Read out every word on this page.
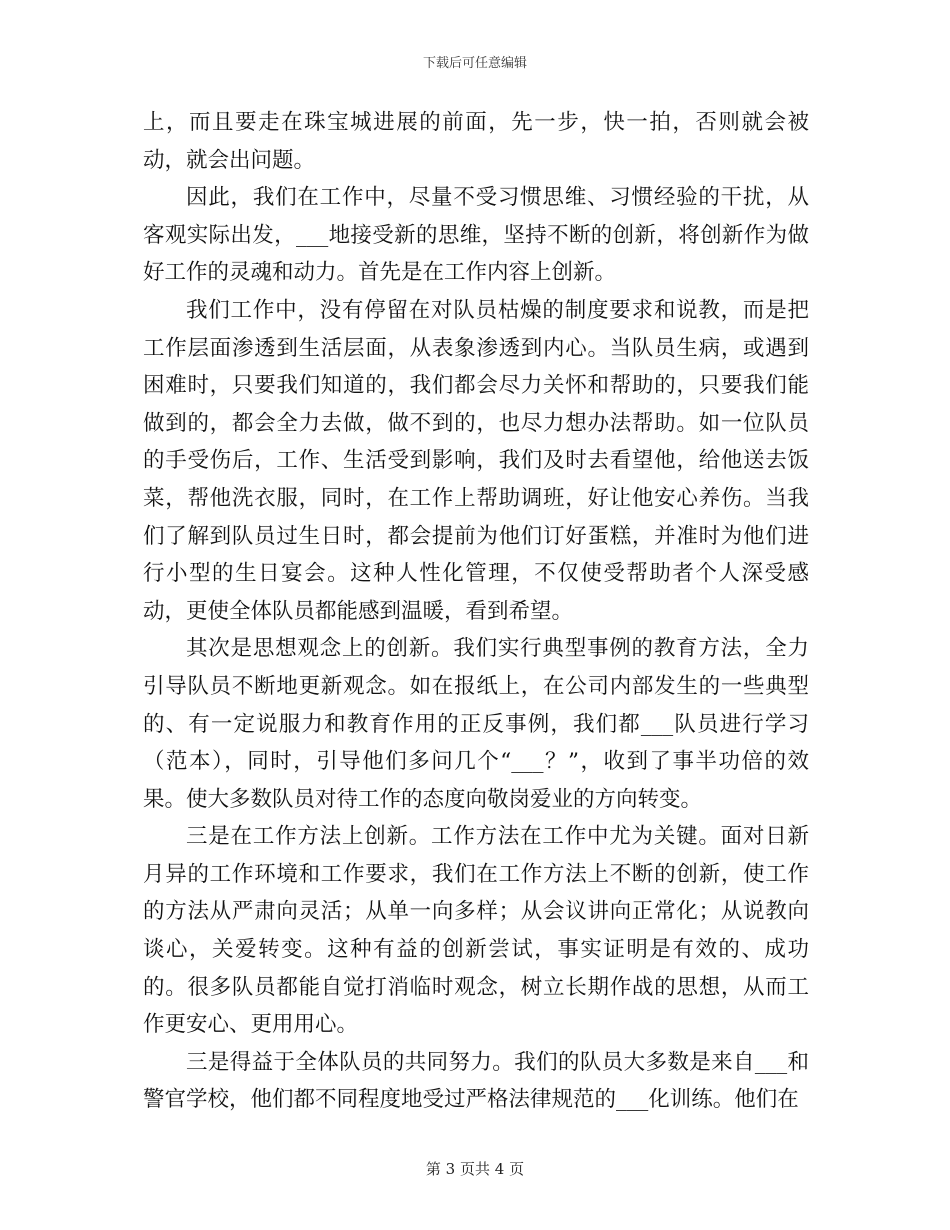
下载后可任意编辑

上，而且要走在珠宝城进展的前面，先一步，快一拍，否则就会被动，就会出问题。

因此，我们在工作中，尽量不受习惯思维、习惯经验的干扰，从客观实际出发，___地接受新的思维，坚持不断的创新，将创新作为做好工作的灵魂和动力。首先是在工作内容上创新。

我们工作中，没有停留在对队员枯燥的制度要求和说教，而是把工作层面渗透到生活层面，从表象渗透到内心。当队员生病，或遇到困难时，只要我们知道的，我们都会尽力关怀和帮助的，只要我们能做到的，都会全力去做，做不到的，也尽力想办法帮助。如一位队员的手受伤后，工作、生活受到影响，我们及时去看望他，给他送去饭菜，帮他洗衣服，同时，在工作上帮助调班，好让他安心养伤。当我们了解到队员过生日时，都会提前为他们订好蛋糕，并准时为他们进行小型的生日宴会。这种人性化管理，不仅使受帮助者个人深受感动，更使全体队员都能感到温暖，看到希望。

其次是思想观念上的创新。我们实行典型事例的教育方法，全力引导队员不断地更新观念。如在报纸上，在公司内部发生的一些典型的、有一定说服力和教育作用的正反事例，我们都___队员进行学习（范本），同时，引导他们多问几个“___？”，收到了事半功倍的效果。使大多数队员对待工作的态度向敬岗爱业的方向转变。

三是在工作方法上创新。工作方法在工作中尤为关键。面对日新月异的工作环境和工作要求，我们在工作方法上不断的创新，使工作的方法从严肃向灵活；从单一向多样；从会议讲向正常化；从说教向谈心，关爱转变。这种有益的创新尝试，事实证明是有效的、成功的。很多队员都能自觉打消临时观念，树立长期作战的思想，从而工作更安心、更用用心。

三是得益于全体队员的共同努力。我们的队员大多数是来自___和警官学校，他们都不同程度地受过严格法律规范的___化训练。他们在

第 3 页共 4 页
